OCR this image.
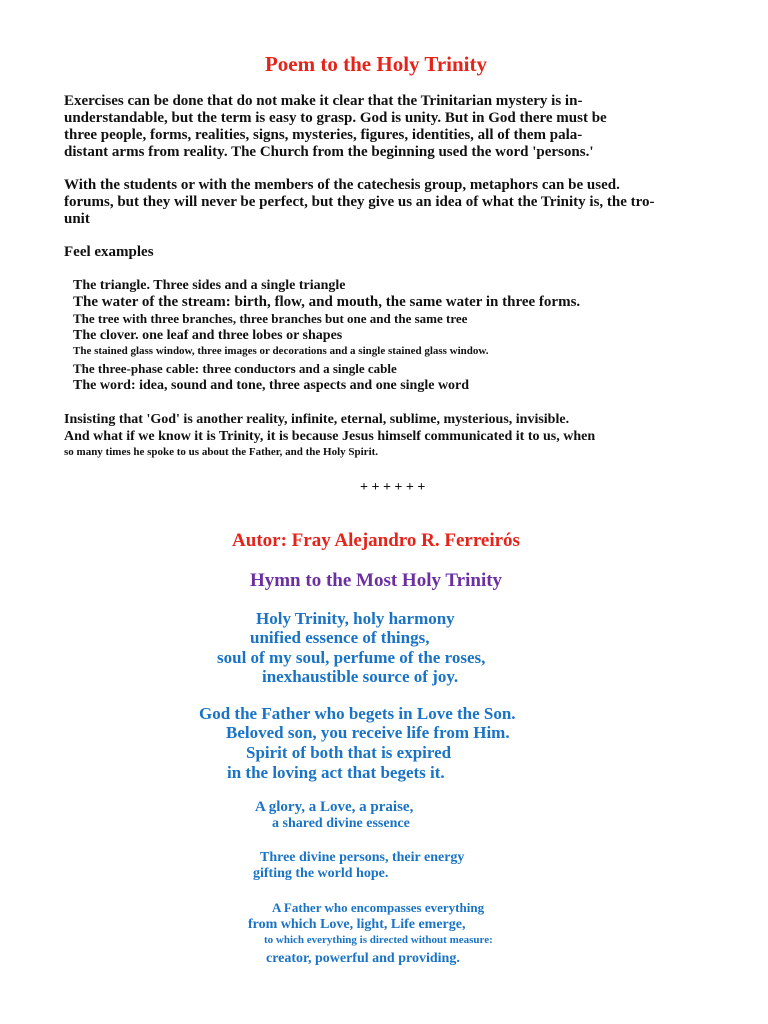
Poem to the Holy Trinity
Exercises can be done that do not make it clear that the Trinitarian mystery is in-
understandable, but the term is easy to grasp. God is unity. But in God there must be
three people, forms, realities, signs, mysteries, figures, identities, all of them pala-
distant arms from reality. The Church from the beginning used the word 'persons.'
With the students or with the members of the catechesis group, metaphors can be used.
forums, but they will never be perfect, but they give us an idea of what the Trinity is, the tro-
unit
Feel examples
The triangle. Three sides and a single triangle
The water of the stream: birth, flow, and mouth, the same water in three forms.
The tree with three branches, three branches but one and the same tree
The clover. one leaf and three lobes or shapes
The stained glass window, three images or decorations and a single stained glass window.
The three-phase cable: three conductors and a single cable
The word: idea, sound and tone, three aspects and one single word
Insisting that 'God' is another reality, infinite, eternal, sublime, mysterious, invisible.
And what if we know it is Trinity, it is because Jesus himself communicated it to us, when
so many times he spoke to us about the Father, and the Holy Spirit.
+ + + + + +
Autor: Fray Alejandro R. Ferreirós
Hymn to the Most Holy Trinity
Holy Trinity, holy harmony
unified essence of things,
soul of my soul, perfume of the roses,
inexhaustible source of joy.
God the Father who begets in Love the Son.
Beloved son, you receive life from Him.
Spirit of both that is expired
in the loving act that begets it.
A glory, a Love, a praise,
a shared divine essence
Three divine persons, their energy
gifting the world hope.
A Father who encompasses everything
from which Love, light, Life emerge,
to which everything is directed without measure:
creator, powerful and providing.
